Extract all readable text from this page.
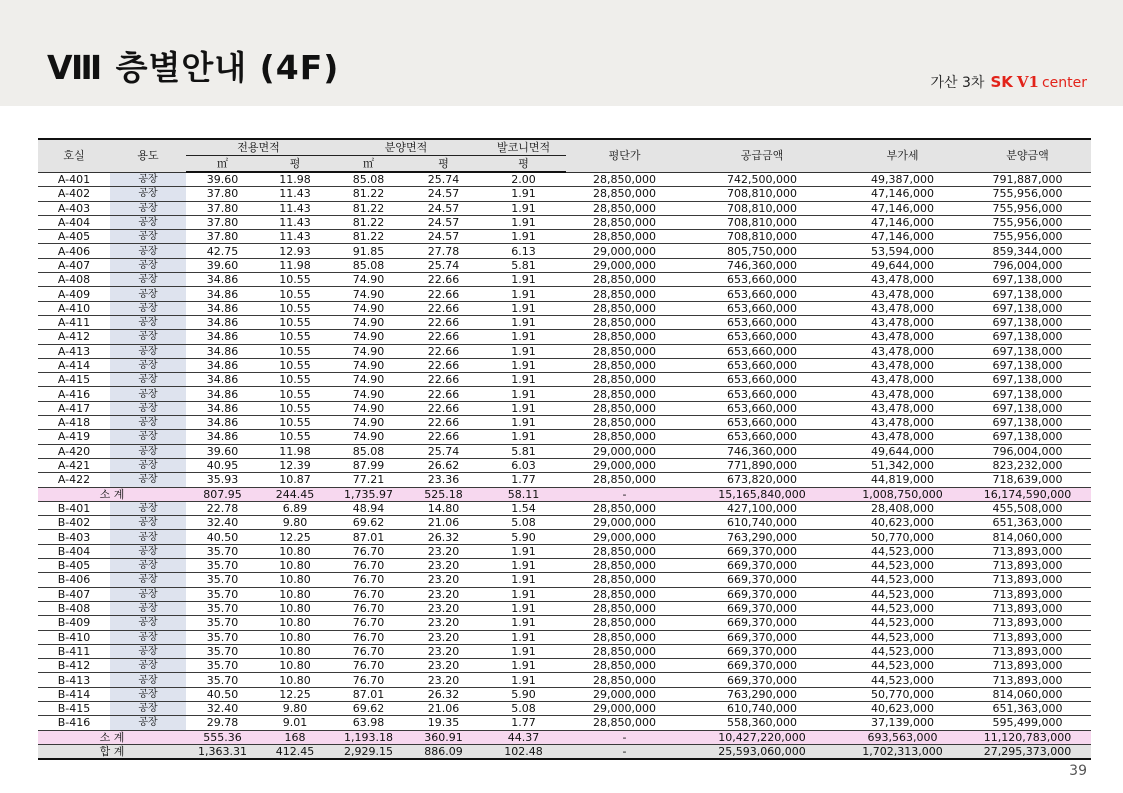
Ⅷ 층별안내 (4F)	가산 3차 SK V1 center
호실	용도	전용면적		분양면적		발코니면적	평단가	공급금액	부가세	분양금액
		㎡	평	㎡	평	평				
A-401	공장	39.60	11.98	85.08	25.74	2.00	28,850,000	742,500,000	49,387,000	791,887,000
A-402	공장	37.80	11.43	81.22	24.57	1.91	28,850,000	708,810,000	47,146,000	755,956,000
A-403	공장	37.80	11.43	81.22	24.57	1.91	28,850,000	708,810,000	47,146,000	755,956,000
A-404	공장	37.80	11.43	81.22	24.57	1.91	28,850,000	708,810,000	47,146,000	755,956,000
A-405	공장	37.80	11.43	81.22	24.57	1.91	28,850,000	708,810,000	47,146,000	755,956,000
A-406	공장	42.75	12.93	91.85	27.78	6.13	29,000,000	805,750,000	53,594,000	859,344,000
A-407	공장	39.60	11.98	85.08	25.74	5.81	29,000,000	746,360,000	49,644,000	796,004,000
A-408	공장	34.86	10.55	74.90	22.66	1.91	28,850,000	653,660,000	43,478,000	697,138,000
A-409	공장	34.86	10.55	74.90	22.66	1.91	28,850,000	653,660,000	43,478,000	697,138,000
A-410	공장	34.86	10.55	74.90	22.66	1.91	28,850,000	653,660,000	43,478,000	697,138,000
A-411	공장	34.86	10.55	74.90	22.66	1.91	28,850,000	653,660,000	43,478,000	697,138,000
A-412	공장	34.86	10.55	74.90	22.66	1.91	28,850,000	653,660,000	43,478,000	697,138,000
A-413	공장	34.86	10.55	74.90	22.66	1.91	28,850,000	653,660,000	43,478,000	697,138,000
A-414	공장	34.86	10.55	74.90	22.66	1.91	28,850,000	653,660,000	43,478,000	697,138,000
A-415	공장	34.86	10.55	74.90	22.66	1.91	28,850,000	653,660,000	43,478,000	697,138,000
A-416	공장	34.86	10.55	74.90	22.66	1.91	28,850,000	653,660,000	43,478,000	697,138,000
A-417	공장	34.86	10.55	74.90	22.66	1.91	28,850,000	653,660,000	43,478,000	697,138,000
A-418	공장	34.86	10.55	74.90	22.66	1.91	28,850,000	653,660,000	43,478,000	697,138,000
A-419	공장	34.86	10.55	74.90	22.66	1.91	28,850,000	653,660,000	43,478,000	697,138,000
A-420	공장	39.60	11.98	85.08	25.74	5.81	29,000,000	746,360,000	49,644,000	796,004,000
A-421	공장	40.95	12.39	87.99	26.62	6.03	29,000,000	771,890,000	51,342,000	823,232,000
A-422	공장	35.93	10.87	77.21	23.36	1.77	28,850,000	673,820,000	44,819,000	718,639,000
소 계		807.95	244.45	1,735.97	525.18	58.11	-	15,165,840,000	1,008,750,000	16,174,590,000
B-401	공장	22.78	6.89	48.94	14.80	1.54	28,850,000	427,100,000	28,408,000	455,508,000
B-402	공장	32.40	9.80	69.62	21.06	5.08	29,000,000	610,740,000	40,623,000	651,363,000
B-403	공장	40.50	12.25	87.01	26.32	5.90	29,000,000	763,290,000	50,770,000	814,060,000
B-404	공장	35.70	10.80	76.70	23.20	1.91	28,850,000	669,370,000	44,523,000	713,893,000
B-405	공장	35.70	10.80	76.70	23.20	1.91	28,850,000	669,370,000	44,523,000	713,893,000
B-406	공장	35.70	10.80	76.70	23.20	1.91	28,850,000	669,370,000	44,523,000	713,893,000
B-407	공장	35.70	10.80	76.70	23.20	1.91	28,850,000	669,370,000	44,523,000	713,893,000
B-408	공장	35.70	10.80	76.70	23.20	1.91	28,850,000	669,370,000	44,523,000	713,893,000
B-409	공장	35.70	10.80	76.70	23.20	1.91	28,850,000	669,370,000	44,523,000	713,893,000
B-410	공장	35.70	10.80	76.70	23.20	1.91	28,850,000	669,370,000	44,523,000	713,893,000
B-411	공장	35.70	10.80	76.70	23.20	1.91	28,850,000	669,370,000	44,523,000	713,893,000
B-412	공장	35.70	10.80	76.70	23.20	1.91	28,850,000	669,370,000	44,523,000	713,893,000
B-413	공장	35.70	10.80	76.70	23.20	1.91	28,850,000	669,370,000	44,523,000	713,893,000
B-414	공장	40.50	12.25	87.01	26.32	5.90	29,000,000	763,290,000	50,770,000	814,060,000
B-415	공장	32.40	9.80	69.62	21.06	5.08	29,000,000	610,740,000	40,623,000	651,363,000
B-416	공장	29.78	9.01	63.98	19.35	1.77	28,850,000	558,360,000	37,139,000	595,499,000
소 계		555.36	168	1,193.18	360.91	44.37	-	10,427,220,000	693,563,000	11,120,783,000
합 계		1,363.31	412.45	2,929.15	886.09	102.48	-	25,593,060,000	1,702,313,000	27,295,373,000
39
